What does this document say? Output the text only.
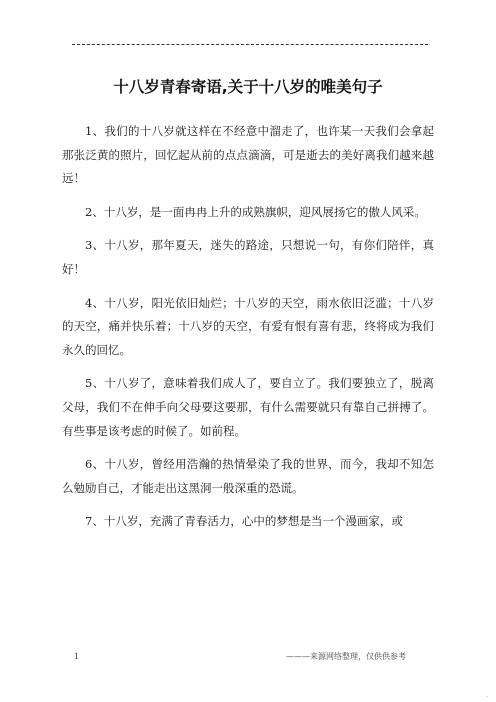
十八岁青春寄语,关于十八岁的唯美句子

1、我们的十八岁就这样在不经意中溜走了，也许某一天我们会拿起那张泛黄的照片，回忆起从前的点点滴滴，可是逝去的美好离我们越来越远！

2、十八岁，是一面冉冉上升的成熟旗帜，迎风展扬它的傲人风采。

3、十八岁，那年夏天，迷失的路途，只想说一句，有你们陪伴，真好！

4、十八岁，阳光依旧灿烂；十八岁的天空，雨水依旧泛滥；十八岁的天空，痛并快乐着；十八岁的天空，有爱有恨有喜有悲，终将成为我们永久的回忆。

5、十八岁了，意味着我们成人了，要自立了。我们要独立了，脱离父母，我们不在伸手向父母要这要那，有什么需要就只有靠自己拼搏了。有些事是该考虑的时候了。如前程。

6、十八岁，曾经用浩瀚的热情晕染了我的世界，而今，我却不知怎么勉励自己，才能走出这黑洞一般深重的恐谎。

7、十八岁，充满了青春活力，心中的梦想是当一个漫画家，或

1	———来源网络整理，仅供供参考
.
